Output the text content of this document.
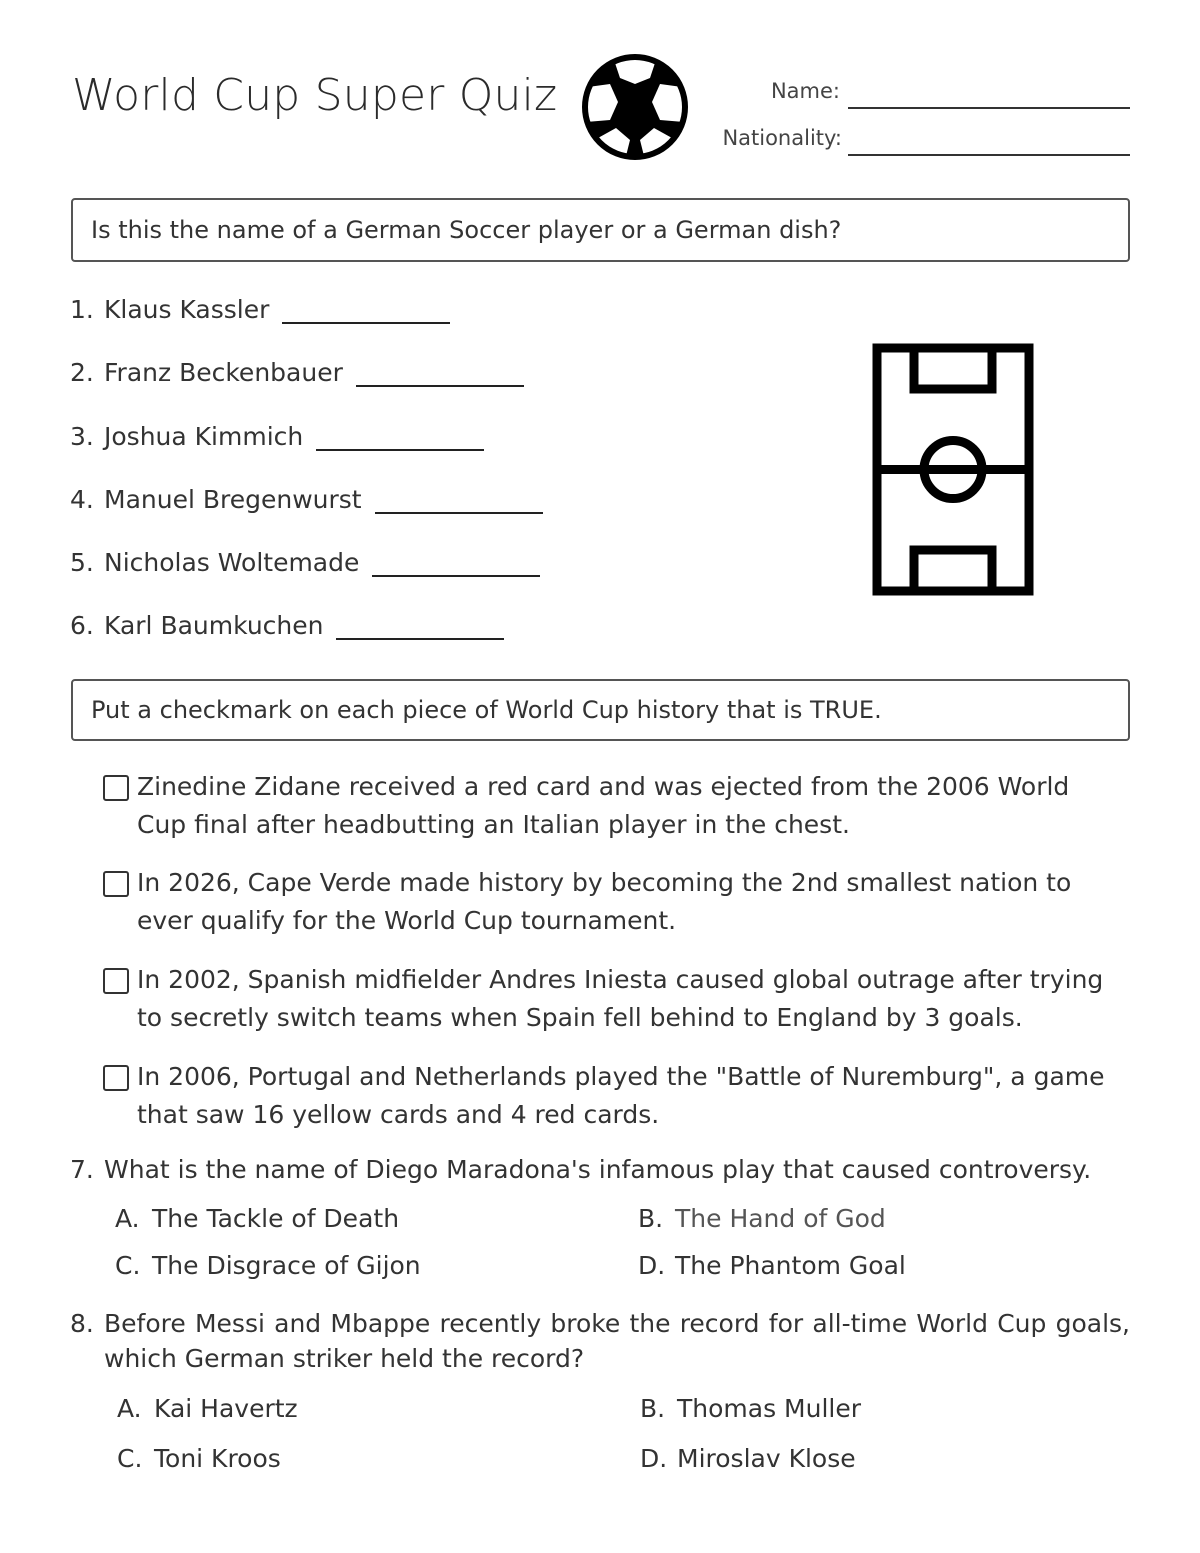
World Cup Super Quiz	Name:
Nationality:
Is this the name of a German Soccer player or a German dish?
1. Klaus Kassler
2. Franz Beckenbauer
3. Joshua Kimmich
4. Manuel Bregenwurst
5. Nicholas Woltemade
6. Karl Baumkuchen
Put a checkmark on each piece of World Cup history that is TRUE.
Zinedine Zidane received a red card and was ejected from the 2006 World Cup final after headbutting an Italian player in the chest.
In 2026, Cape Verde made history by becoming the 2nd smallest nation to ever qualify for the World Cup tournament.
In 2002, Spanish midfielder Andres Iniesta caused global outrage after trying to secretly switch teams when Spain fell behind to England by 3 goals.
In 2006, Portugal and Netherlands played the "Battle of Nuremburg", a game that saw 16 yellow cards and 4 red cards.
7. What is the name of Diego Maradona's infamous play that caused controversy.
A. The Tackle of Death	B. The Hand of God
C. The Disgrace of Gijon	D. The Phantom Goal
8. Before Messi and Mbappe recently broke the record for all-time World Cup goals, which German striker held the record?
A. Kai Havertz	B. Thomas Muller
C. Toni Kroos	D. Miroslav Klose
